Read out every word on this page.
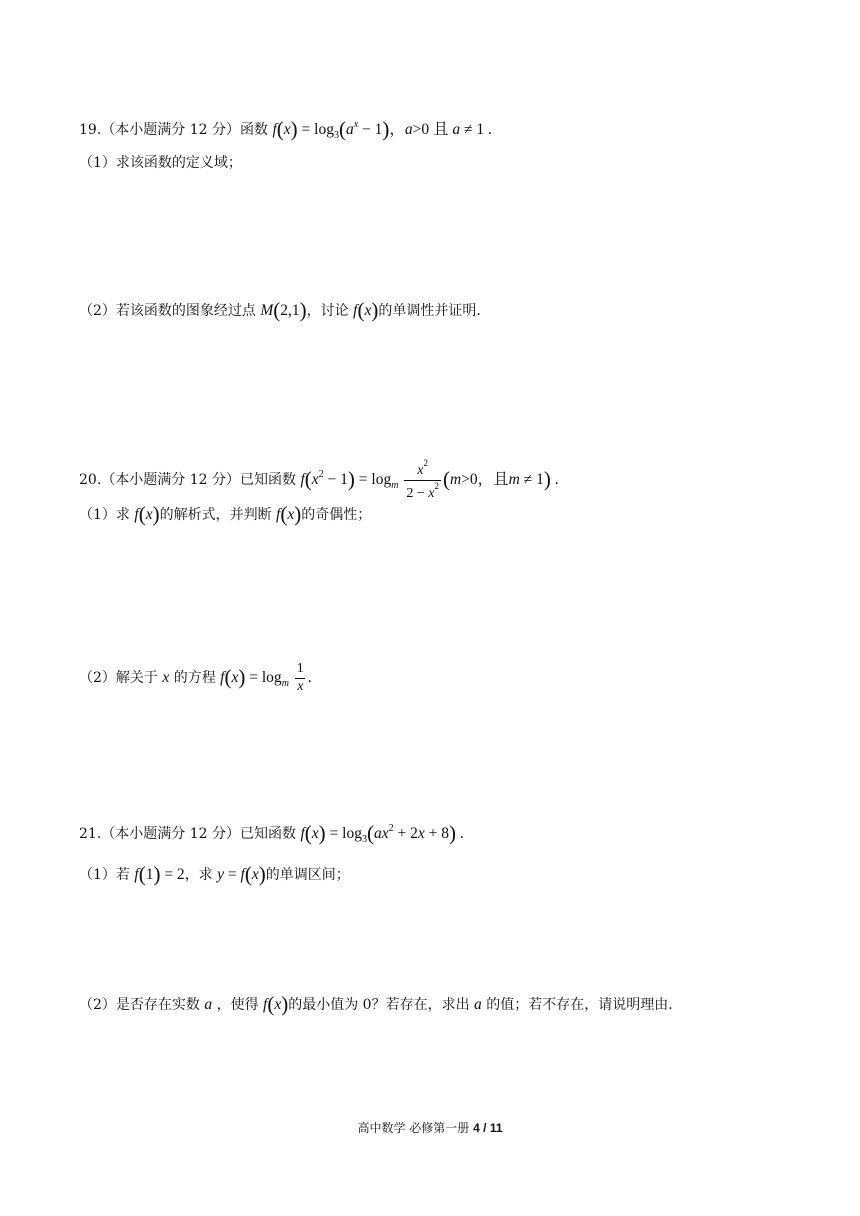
19.（本小题满分 12 分）函数 $f(x) = \log_3(a^x - 1)$，a>0 且 a ≠ 1 .
（1）求该函数的定义域；
（2）若该函数的图象经过点 M(2,1)，讨论 f(x)的单调性并证明.
20.（本小题满分 12 分）已知函数 $f(x^2 - 1) = \log_m \frac{x^2}{2 - x^2} (m>0$，且m ≠ 1) .
（1）求 f(x)的解析式，并判断 f(x)的奇偶性；
（2）解关于 x 的方程 $f(x) = \log_m \frac{1}{x}$ .
21.（本小题满分 12 分）已知函数 $f(x) = \log_3(ax^2 + 2x + 8)$ .
（1）若 f(1) = 2，求 y = f(x)的单调区间；
（2）是否存在实数 a ，使得 f(x)的最小值为 0？若存在，求出 a 的值；若不存在，请说明理由.
高中数学 必修第一册 4 / 11
